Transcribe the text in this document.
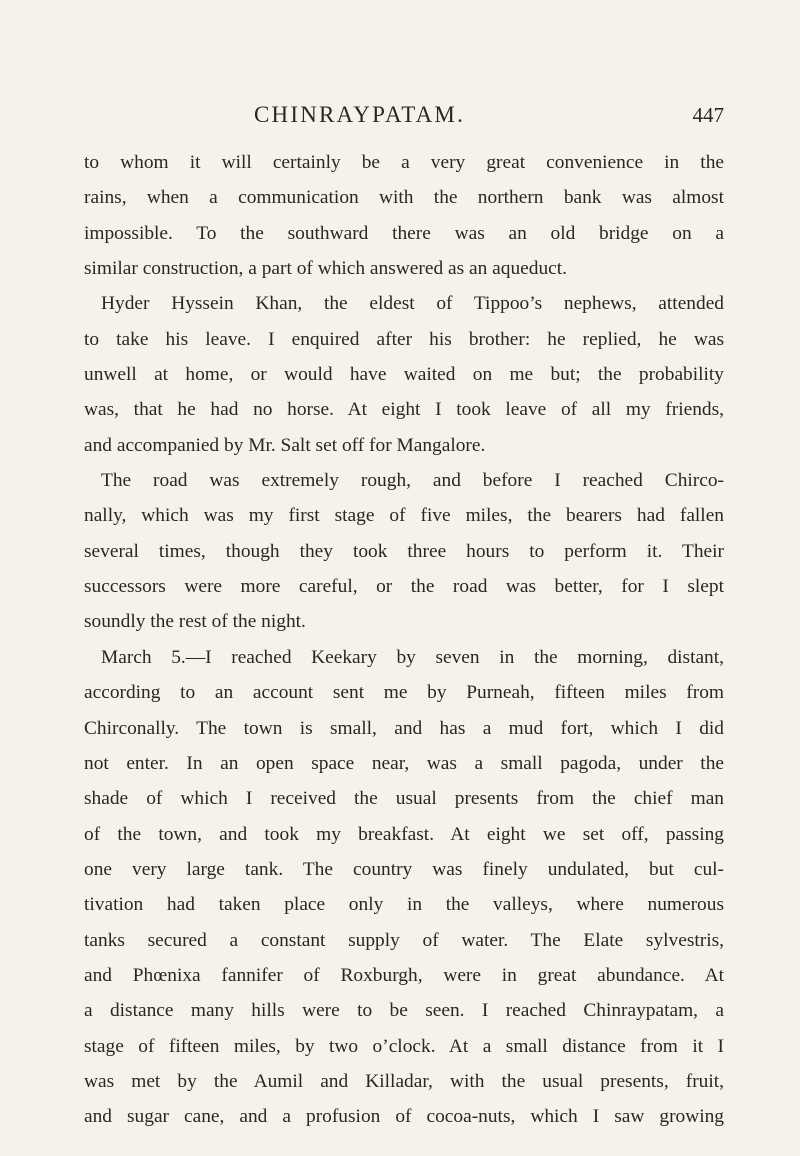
CHINRAYPATAM.	447
to whom it will certainly be a very great convenience in the
rains, when a communication with the northern bank was almost
impossible. To the southward there was an old bridge on a
similar construction, a part of which answered as an aqueduct.
Hyder Hyssein Khan, the eldest of Tippoo’s nephews, attended
to take his leave. I enquired after his brother: he replied, he was
unwell at home, or would have waited on me but; the probability
was, that he had no horse. At eight I took leave of all my friends,
and accompanied by Mr. Salt set off for Mangalore.
The road was extremely rough, and before I reached Chirco-
nally, which was my first stage of five miles, the bearers had fallen
several times, though they took three hours to perform it. Their
successors were more careful, or the road was better, for I slept
soundly the rest of the night.
March 5.—I reached Keekary by seven in the morning, distant,
according to an account sent me by Purneah, fifteen miles from
Chirconally. The town is small, and has a mud fort, which I did
not enter. In an open space near, was a small pagoda, under the
shade of which I received the usual presents from the chief man
of the town, and took my breakfast. At eight we set off, passing
one very large tank. The country was finely undulated, but cul-
tivation had taken place only in the valleys, where numerous
tanks secured a constant supply of water. The Elate sylvestris,
and Phœnixa fannifer of Roxburgh, were in great abundance. At
a distance many hills were to be seen. I reached Chinraypatam, a
stage of fifteen miles, by two o’clock. At a small distance from it I
was met by the Aumil and Killadar, with the usual presents, fruit,
and sugar cane, and a profusion of cocoa-nuts, which I saw growing
